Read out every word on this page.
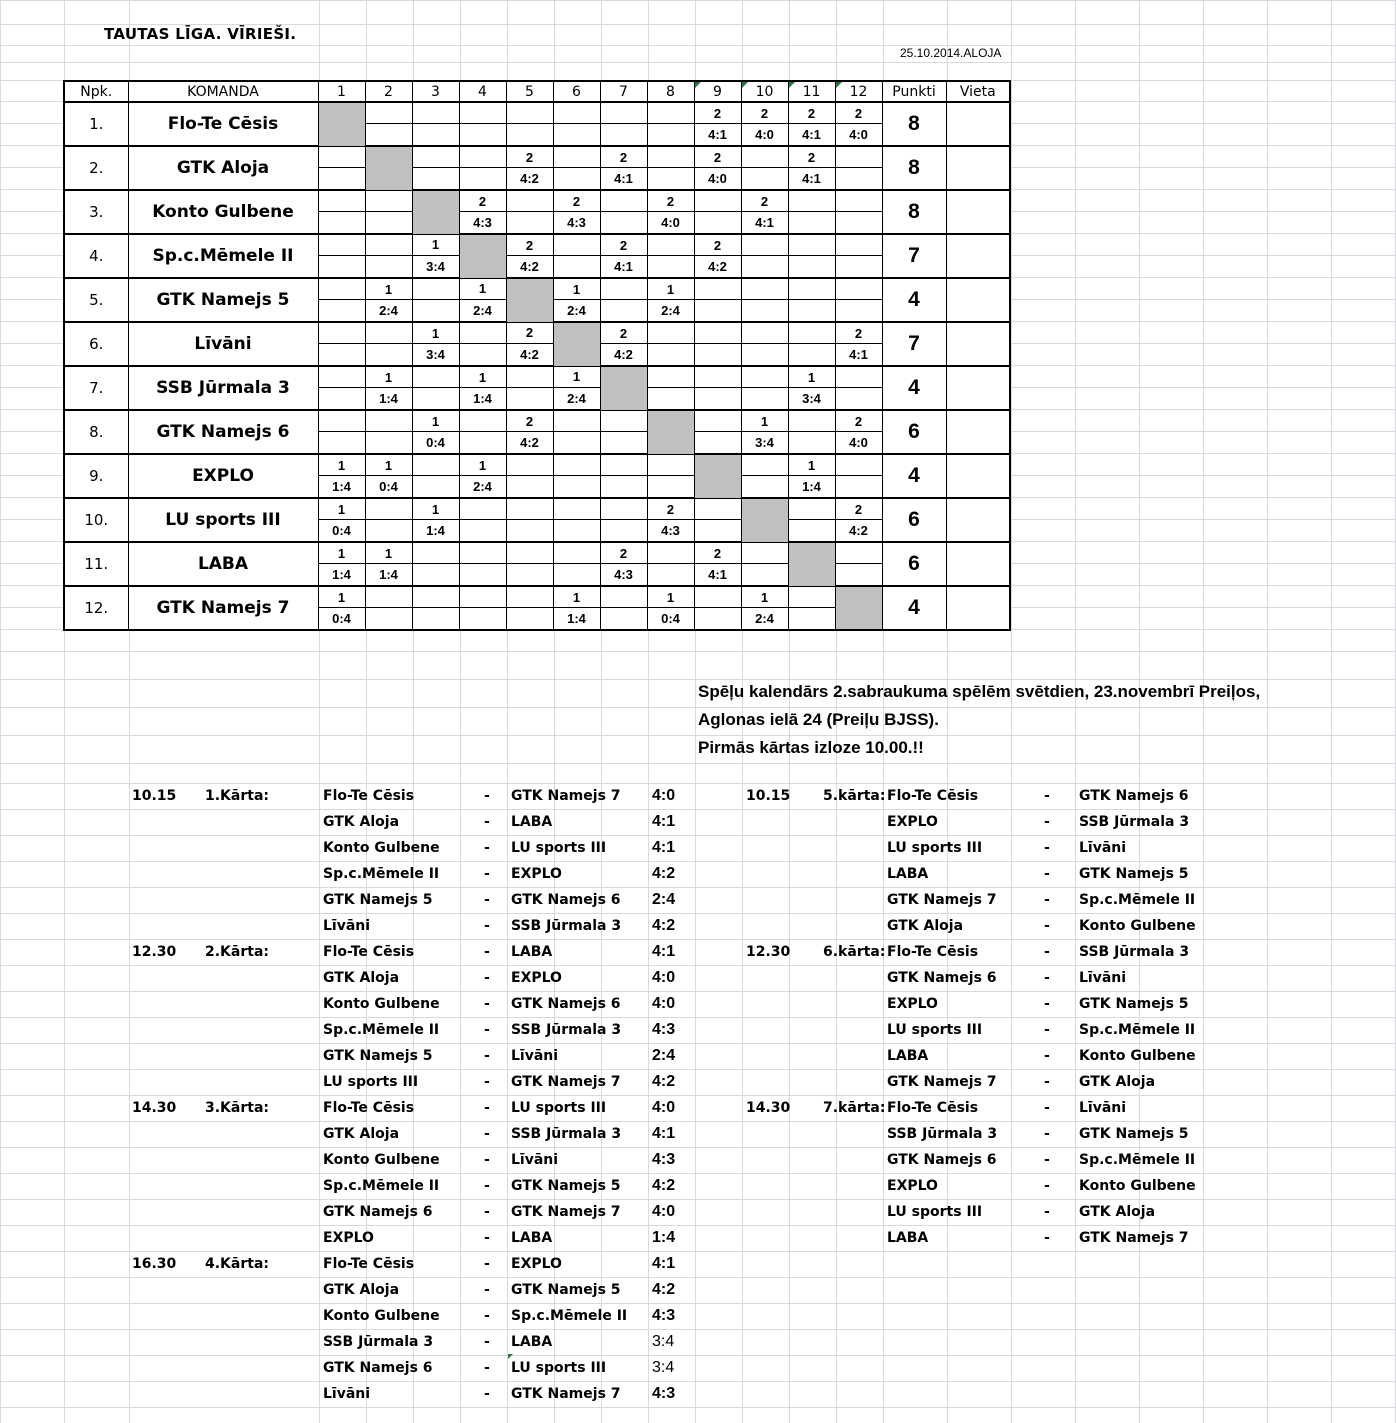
TAUTAS LĪGA. VĪRIEŠI.
25.10.2014.ALOJA
Npk.	KOMANDA	1	2	3	4	5	6	7	8	9	10	11	12	Punkti	Vieta
1.	Flo-Te Cēsis									2	2	2	2	8	
										4:1	4:0	4:1	4:0		
2.	GTK Aloja					2		2		2		2		8	
						4:2		4:1		4:0		4:1			
3.	Konto Gulbene				2		2		2		2			8	
					4:3		4:3		4:0		4:1				
4.	Sp.c.Mēmele II			1		2		2		2				7	
				3:4		4:2		4:1		4:2					
5.	GTK Namejs 5		1		1		1		1					4	
			2:4		2:4		2:4		2:4						
6.	Līvāni			1		2		2					2	7	
				3:4		4:2		4:2					4:1		
7.	SSB Jūrmala 3		1		1		1					1		4	
			1:4		1:4		2:4					3:4			
8.	GTK Namejs 6			1		2					1		2	6	
				0:4		4:2					3:4		4:0		
9.	EXPLO	1	1		1							1		4	
		1:4	0:4		2:4							1:4			
10.	LU sports III	1		1					2				2	6	
		0:4		1:4					4:3				4:2		
11.	LABA	1	1					2		2				6	
		1:4	1:4					4:3		4:1					
12.	GTK Namejs 7	1					1		1		1			4	
		0:4					1:4		0:4		2:4				
Spēļu kalendārs 2.sabraukuma spēlēm svētdien, 23.novembrī Preiļos,
Aglonas ielā 24 (Preiļu BJSS).
Pirmās kārtas izloze 10.00.!!
10.15 1.Kārta:	Flo-Te Cēsis	- GTK Namejs 7 4:0
GTK Aloja	- LABA	4:1
Konto Gulbene	- LU sports III	4:1
Sp.c.Mēmele II	- EXPLO	4:2
GTK Namejs 5	- GTK Namejs 6 2:4
Līvāni	- SSB Jūrmala 3 4:2
12.30 2.Kārta:	Flo-Te Cēsis	- LABA	4:1
GTK Aloja	- EXPLO	4:0
Konto Gulbene	- GTK Namejs 6 4:0
Sp.c.Mēmele II	- SSB Jūrmala 3 4:3
GTK Namejs 5	- Līvāni	2:4
LU sports III	- GTK Namejs 7 4:2
14.30 3.Kārta:	Flo-Te Cēsis	- LU sports III	4:0
GTK Aloja	- SSB Jūrmala 3 4:1
Konto Gulbene	- Līvāni	4:3
Sp.c.Mēmele II	- GTK Namejs 5 4:2
GTK Namejs 6	- GTK Namejs 7 4:0
EXPLO	- LABA	1:4
16.30 4.Kārta:	Flo-Te Cēsis	- EXPLO	4:1
GTK Aloja	- GTK Namejs 5 4:2
Konto Gulbene	- Sp.c.Mēmele II 4:3
SSB Jūrmala 3	- LABA	3:4
GTK Namejs 6	- LU sports III	3:4
Līvāni	- GTK Namejs 7 4:3
10.15 5.kārta: Flo-Te Cēsis	- GTK Namejs 6
EXPLO	- SSB Jūrmala 3
LU sports III	- Līvāni
LABA	- GTK Namejs 5
GTK Namejs 7	- Sp.c.Mēmele II
GTK Aloja	- Konto Gulbene
12.30 6.kārta: Flo-Te Cēsis	- SSB Jūrmala 3
GTK Namejs 6	- Līvāni
EXPLO	- GTK Namejs 5
LU sports III	- Sp.c.Mēmele II
LABA	- Konto Gulbene
GTK Namejs 7	- GTK Aloja
14.30 7.kārta: Flo-Te Cēsis	- Līvāni
SSB Jūrmala 3	- GTK Namejs 5
GTK Namejs 6	- Sp.c.Mēmele II
EXPLO	- Konto Gulbene
LU sports III	- GTK Aloja
LABA	- GTK Namejs 7
